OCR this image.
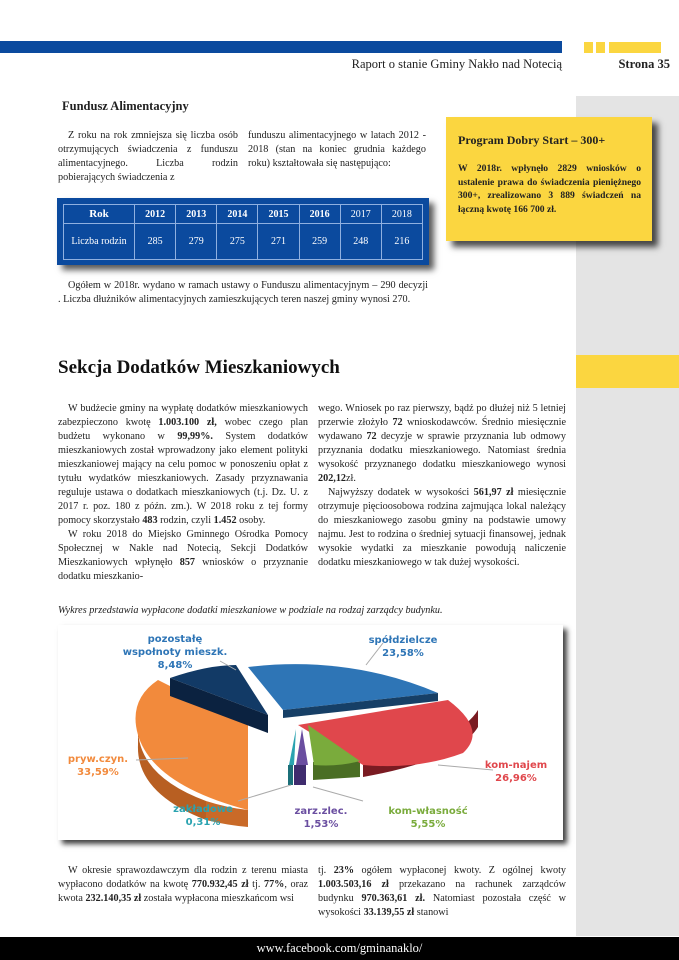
Raport o stanie Gminy Nakło nad Notecią	Strona 35
Fundusz Alimentacyjny

Z roku na rok zmniejsza się liczba osób otrzymujących świadczenia z funduszu alimentacyjnego. Liczba rodzin pobierających świadczenia z

funduszu alimentacyjnego w latach 2012 - 2018 (stan na koniec grudnia każdego roku) kształtowała się następująco:
Rok	2012	2013	2014	2015	2016	2017	2018
Liczba rodzin	285	279	275	271	259	248	216

Ogółem w 2018r. wydano w ramach ustawy o Funduszu alimentacyjnym – 290 decyzji . Liczba dłużników alimentacyjnych zamieszkujących teren naszej gminy wynosi 270.

Program Dobry Start – 300+
W 2018r. wpłynęło 2829 wniosków o ustalenie prawa do świadczenia pieniężnego 300+, zrealizowano 3 889 świadczeń na łączną kwotę 166 700 zł.
Sekcja Dodatków Mieszkaniowych

W budżecie gminy na wypłatę dodatków mieszkaniowych zabezpieczono kwotę 1.003.100 zł, wobec czego plan budżetu wykonano w 99,99%. System dodatków mieszkaniowych został wprowadzony jako element polityki mieszkaniowej mający na celu pomoc w ponoszeniu opłat z tytułu wydatków mieszkaniowych. Zasady przyznawania reguluje ustawa o dodatkach mieszkaniowych (t.j. Dz. U. z 2017 r. poz. 180 z późn. zm.). W 2018 roku z tej formy pomocy skorzystało 483 rodzin, czyli 1.452 osoby.

W roku 2018 do Miejsko Gminnego Ośrodka Pomocy Społecznej w Nakle nad Notecią, Sekcji Dodatków Mieszkaniowych wpłynęło 857 wniosków o przyznanie dodatku mieszkanio-

wego. Wniosek po raz pierwszy, bądź po dłużej niż 5 letniej przerwie złożyło 72 wnioskodawców. Średnio miesięcznie wydawano 72 decyzje w sprawie przyznania lub odmowy przyznania dodatku mieszkaniowego. Natomiast średnia wysokość przyznanego dodatku mieszkaniowego wynosi 202,12zł.

Najwyższy dodatek w wysokości 561,97 zł miesięcznie otrzymuje pięcioosobowa rodzina zajmująca lokal należący do mieszkaniowego zasobu gminy na podstawie umowy najmu. Jest to rodzina o średniej sytuacji finansowej, jednak wysokie wydatki za mieszkanie powodują naliczenie dodatku mieszkaniowego w tak dużej wysokości.

Wykres przedstawia wypłacone dodatki mieszkaniowe w podziale na rodzaj zarządcy budynku.
pozostałę wspołnoty mieszk.
8,48%
spółdzielcze
23,58%
kom-najem
26,96%
pryw.czyn.
33,59%
zakładowe
0,31%
zarz.zlec.
1,53%
kom-własność
5,55%

W okresie sprawozdawczym dla rodzin z terenu miasta wypłacono dodatków na kwotę 770.932,45 zł tj. 77%, oraz kwota 232.140,35 zł została wypłacona mieszkańcom wsi

tj. 23% ogółem wypłaconej kwoty. Z ogólnej kwoty 1.003.503,16 zł przekazano na rachunek zarządców budynku 970.363,61 zł. Natomiast pozostała część w wysokości 33.139,55 zł stanowi
www.facebook.com/gminanaklo/
